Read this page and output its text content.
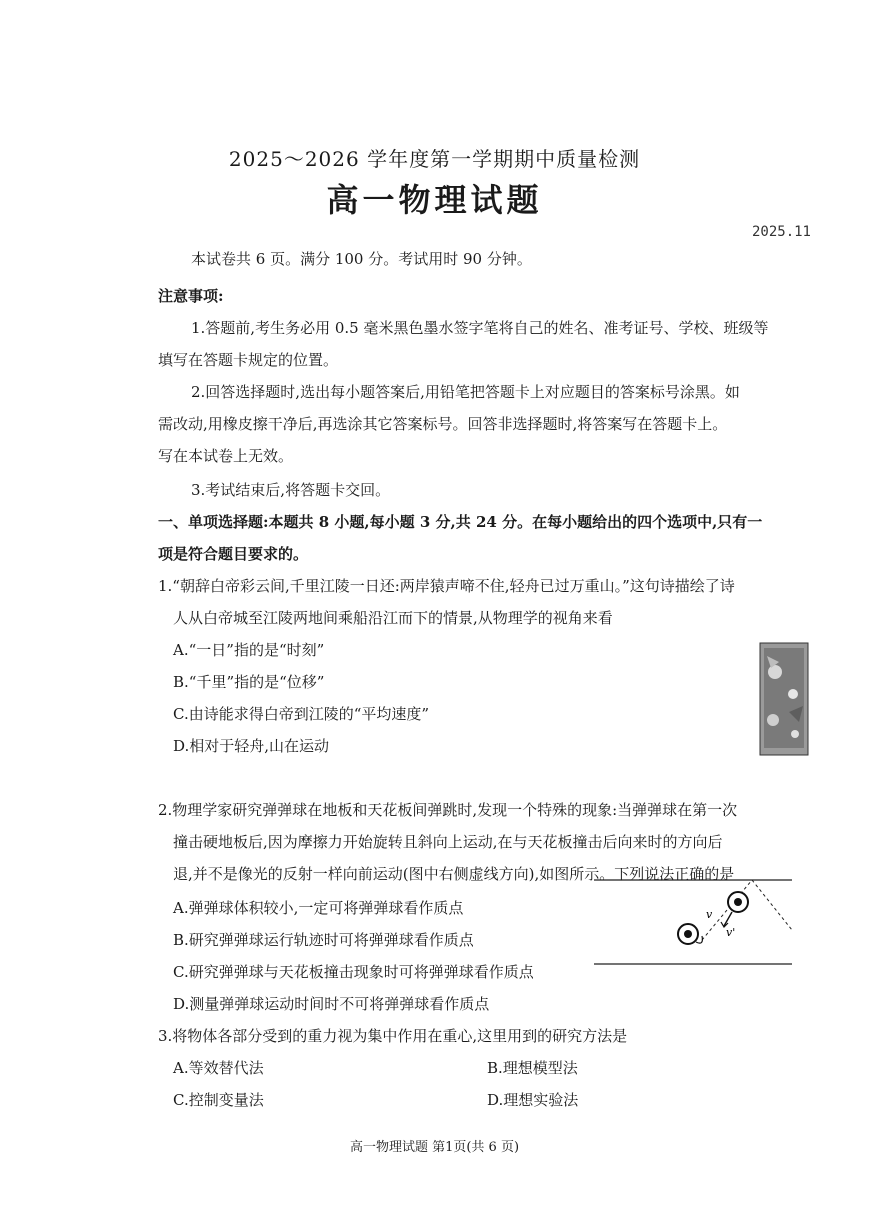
2025～2026 学年度第一学期期中质量检测
高一物理试题
2025.11
本试卷共 6 页。满分 100 分。考试用时 90 分钟。
注意事项:
1.答题前,考生务必用 0.5 毫米黑色墨水签字笔将自己的姓名、准考证号、学校、班级等
填写在答题卡规定的位置。
2.回答选择题时,选出每小题答案后,用铅笔把答题卡上对应题目的答案标号涂黑。如
需改动,用橡皮擦干净后,再选涂其它答案标号。回答非选择题时,将答案写在答题卡上。
写在本试卷上无效。
3.考试结束后,将答题卡交回。
一、单项选择题:本题共 8 小题,每小题 3 分,共 24 分。在每小题给出的四个选项中,只有一
项是符合题目要求的。
1.“朝辞白帝彩云间,千里江陵一日还:两岸猿声啼不住,轻舟已过万重山。”这句诗描绘了诗
人从白帝城至江陵两地间乘船沿江而下的情景,从物理学的视角来看
A.“一日”指的是“时刻”
B.“千里”指的是“位移”
C.由诗能求得白帝到江陵的“平均速度”
D.相对于轻舟,山在运动
2.物理学家研究弹弹球在地板和天花板间弹跳时,发现一个特殊的现象:当弹弹球在第一次
撞击硬地板后,因为摩擦力开始旋转且斜向上运动,在与天花板撞击后向来时的方向后
退,并不是像光的反射一样向前运动(图中右侧虚线方向),如图所示。下列说法正确的是
A.弹弹球体积较小,一定可将弹弹球看作质点
B.研究弹弹球运行轨迹时可将弹弹球看作质点
C.研究弹弹球与天花板撞击现象时可将弹弹球看作质点
D.测量弹弹球运动时间时不可将弹弹球看作质点
v
v'
3.将物体各部分受到的重力视为集中作用在重心,这里用到的研究方法是
A.等效替代法	B.理想模型法
C.控制变量法	D.理想实验法
高一物理试题 第1页(共 6 页)
